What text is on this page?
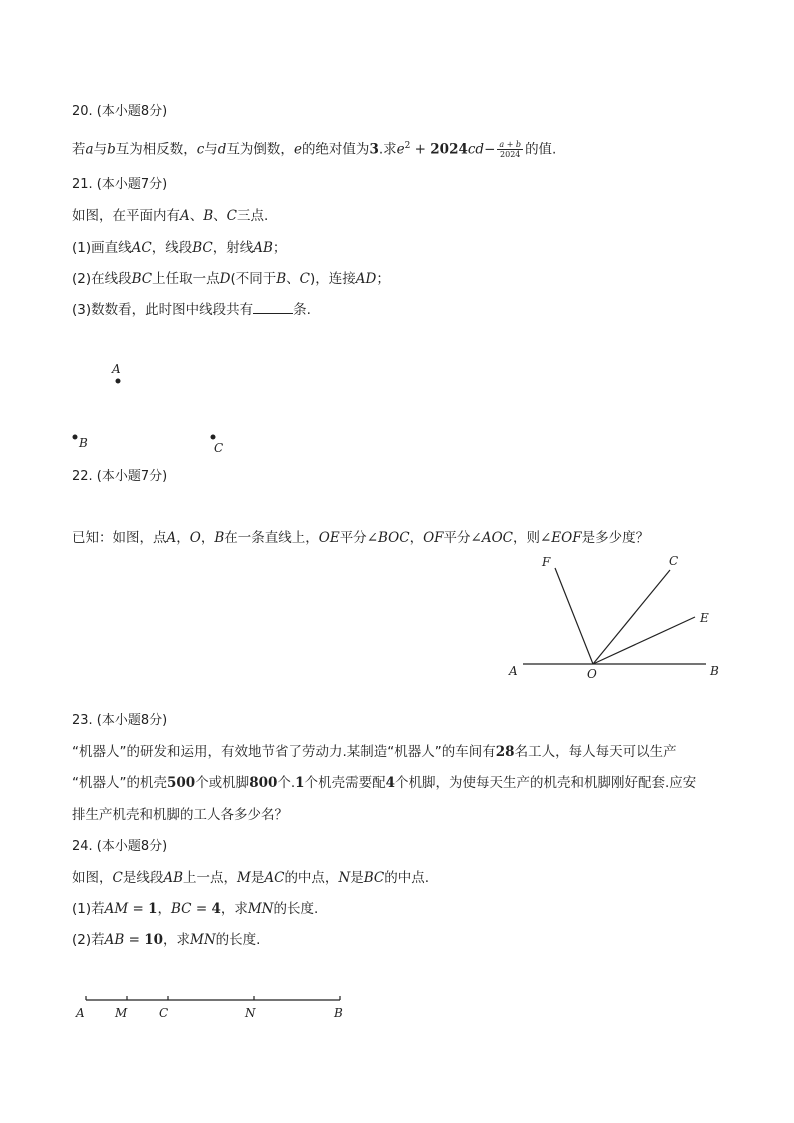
20. (本小题8分)
若a与b互为相反数，c与d互为倒数，e的绝对值为3.求$e^2 + 2024cd- \frac{a + b}{2024}$ 的值.
21. (本小题7分)
如图，在平面内有A、B、C三点.
(1)画直线AC，线段BC，射线AB；
(2)在线段BC上任取一点D(不同于B、C)，连接AD；
(3)数数看，此时图中线段共有	条.
A
B	C
22. (本小题7分)
已知：如图，点A，O，B在一条直线上，OE平分∠BOC，OF平分∠AOC，则∠EOF是多少度？
F	C
E
A	O	B
23. (本小题8分)
“机器人”的研发和运用，有效地节省了劳动力.某制造“机器人”的车间有28名工人，每人每天可以生产
“机器人”的机壳500个或机脚800个.1个机壳需要配4个机脚，为使每天生产的机壳和机脚刚好配套.应安
排生产机壳和机脚的工人各多少名？
24. (本小题8分)
如图，C是线段AB上一点，M是AC的中点，N是BC的中点.
(1)若AM = 1，BC = 4，求MN的长度.
(2)若AB = 10，求MN的长度.
A	M	C	N	B
